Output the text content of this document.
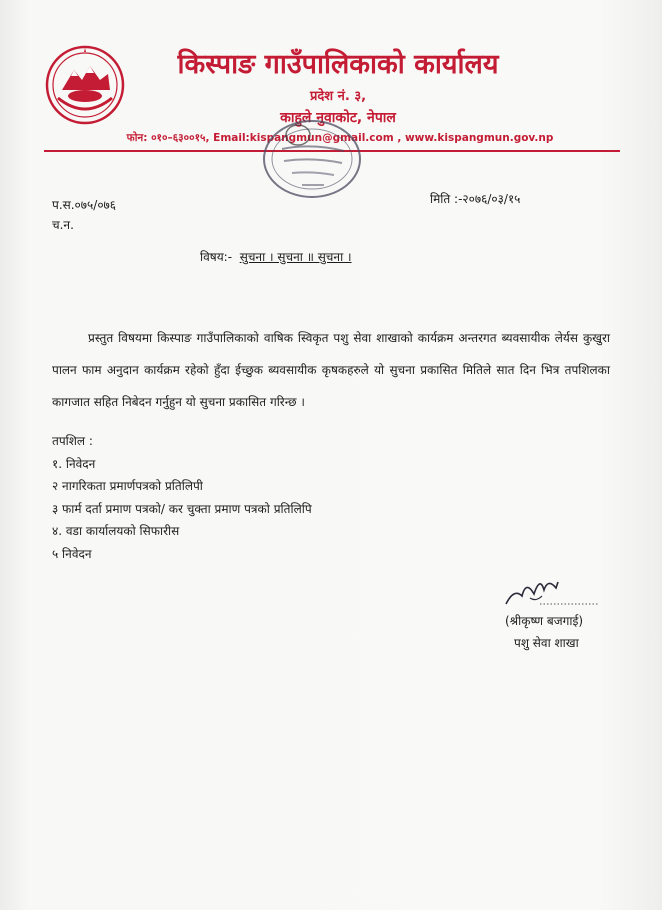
किस्पाङ गाउँपालिकाको कार्यालय
प्रदेश नं. ३,
काहुले नुवाकोट, नेपाल
फोन: ०१०–६३००१५, Email:kispangmun@gmail.com , www.kispangmun.gov.np
प.स.०७५/०७६
च.न.
मिति :-२०७६/०३/१५
विषय:- सुचना । सुचना ॥ सुचना ।

प्रस्तुत विषयमा किस्पाङ गाउँपालिकाको वाषिक स्विकृत पशु सेवा शाखाको कार्यक्रम अन्तरगत ब्यवसायीक लेर्यस कुखुरा पालन फाम अनुदान कार्यक्रम रहेको हुँदा ईच्छुक ब्यवसायीक कृषकहरुले यो सुचना प्रकासित मितिले सात दिन भित्र तपशिलका कागजात सहित निबेदन गर्नुहुन यो सुचना प्रकासित गरिन्छ ।

तपशिल :
१. निवेदन
२ नागरिकता प्रमार्णपत्रको प्रतिलिपी
३ फार्म दर्ता प्रमाण पत्रको/ कर चुक्ता प्रमाण पत्रको प्रतिलिपि
४. वडा कार्यालयको सिफारीस
५ निवेदन
(श्रीकृष्ण बजगाई)
पशु सेवा शाखा
